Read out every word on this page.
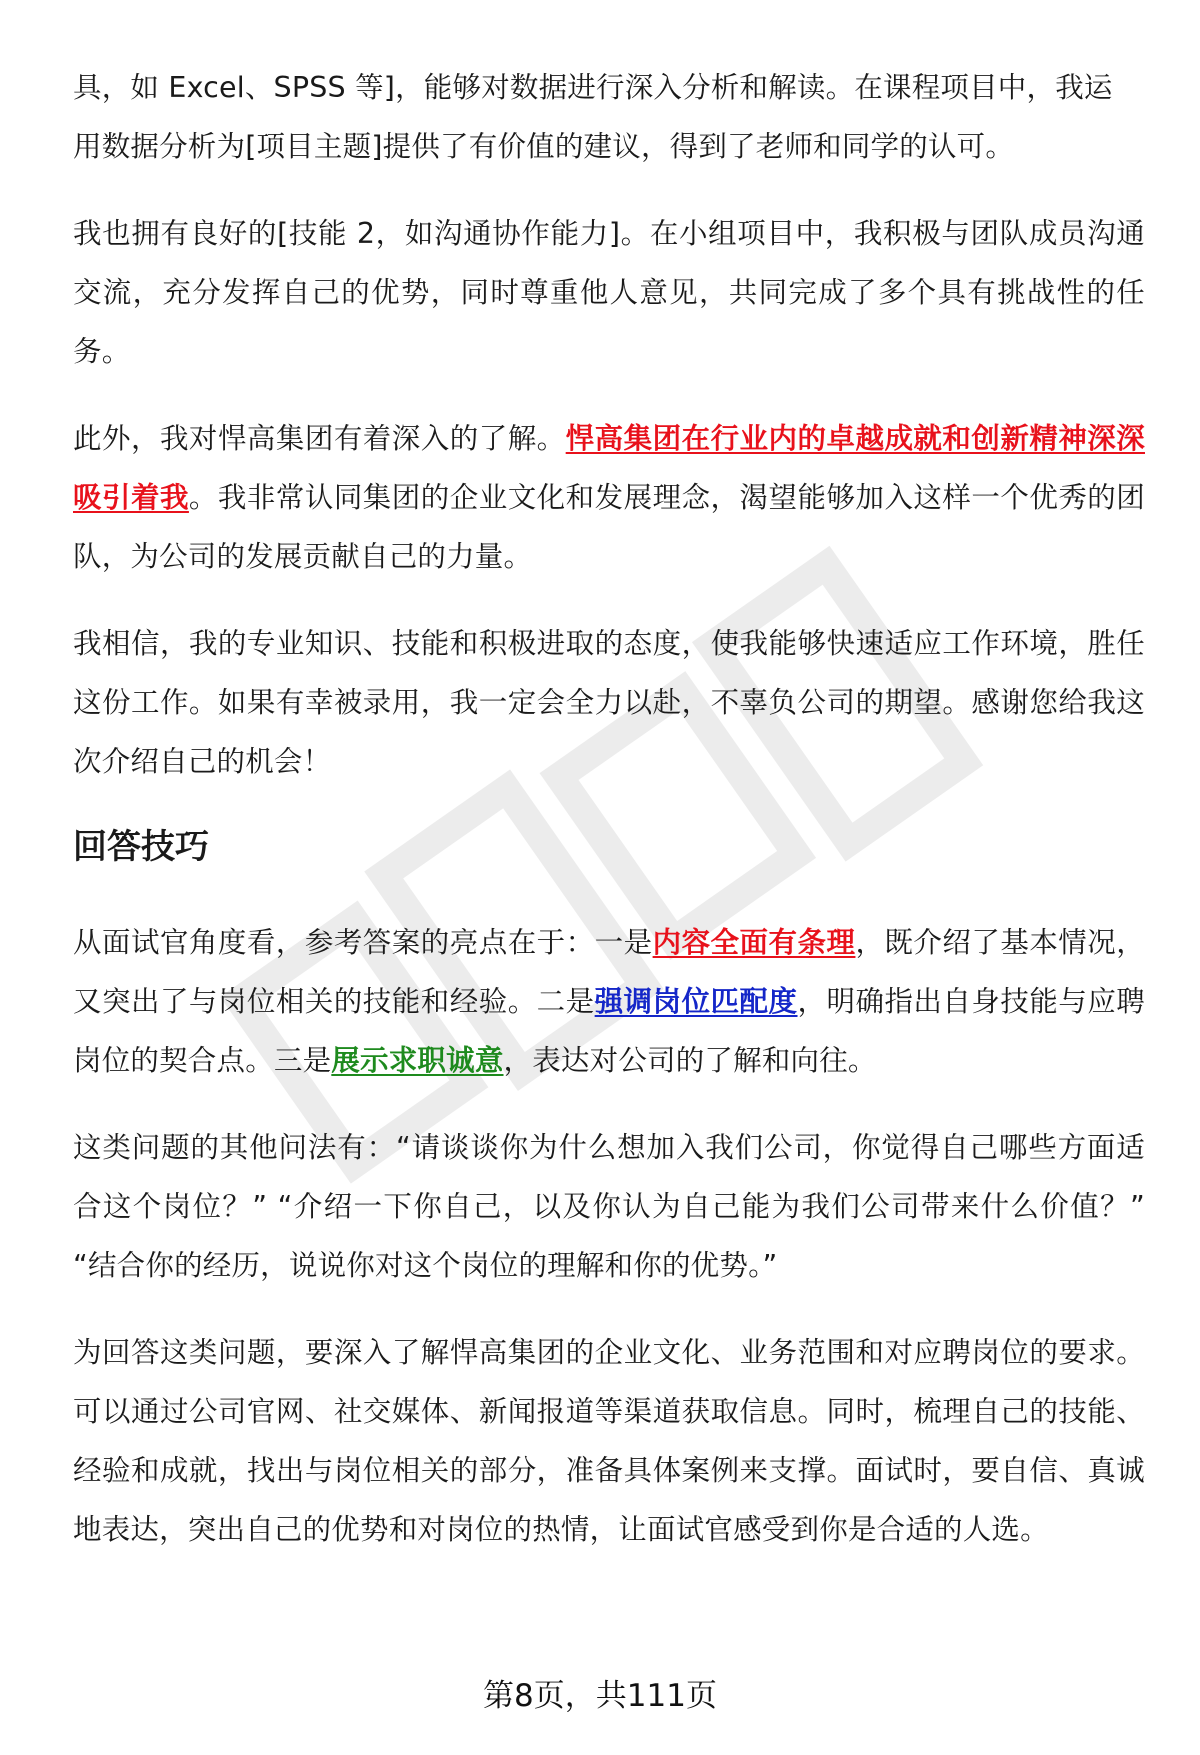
具，如 Excel、SPSS 等]，能够对数据进行深入分析和解读。在课程项目中，我运
用数据分析为[项目主题]提供了有价值的建议，得到了老师和同学的认可。

我也拥有良好的[技能 2，如沟通协作能力]。在小组项目中，我积极与团队成员沟通交流，充分发挥自己的优势，同时尊重他人意见，共同完成了多个具有挑战性的任务。

此外，我对悍高集团有着深入的了解。悍高集团在行业内的卓越成就和创新精神深深吸引着我。我非常认同集团的企业文化和发展理念，渴望能够加入这样一个优秀的团队，为公司的发展贡献自己的力量。

我相信，我的专业知识、技能和积极进取的态度，使我能够快速适应工作环境，胜任这份工作。如果有幸被录用，我一定会全力以赴，不辜负公司的期望。感谢您给我这次介绍自己的机会！

回答技巧

从面试官角度看，参考答案的亮点在于：一是内容全面有条理，既介绍了基本情况，又突出了与岗位相关的技能和经验。二是强调岗位匹配度，明确指出自身技能与应聘岗位的契合点。三是展示求职诚意，表达对公司的了解和向往。

这类问题的其他问法有：“请谈谈你为什么想加入我们公司，你觉得自己哪些方面适合这个岗位？” “介绍一下你自己，以及你认为自己能为我们公司带来什么价值？” “结合你的经历，说说你对这个岗位的理解和你的优势。”

为回答这类问题，要深入了解悍高集团的企业文化、业务范围和对应聘岗位的要求。可以通过公司官网、社交媒体、新闻报道等渠道获取信息。同时，梳理自己的技能、经验和成就，找出与岗位相关的部分，准备具体案例来支撑。面试时，要自信、真诚地表达，突出自己的优势和对岗位的热情，让面试官感受到你是合适的人选。

第8页，共111页
